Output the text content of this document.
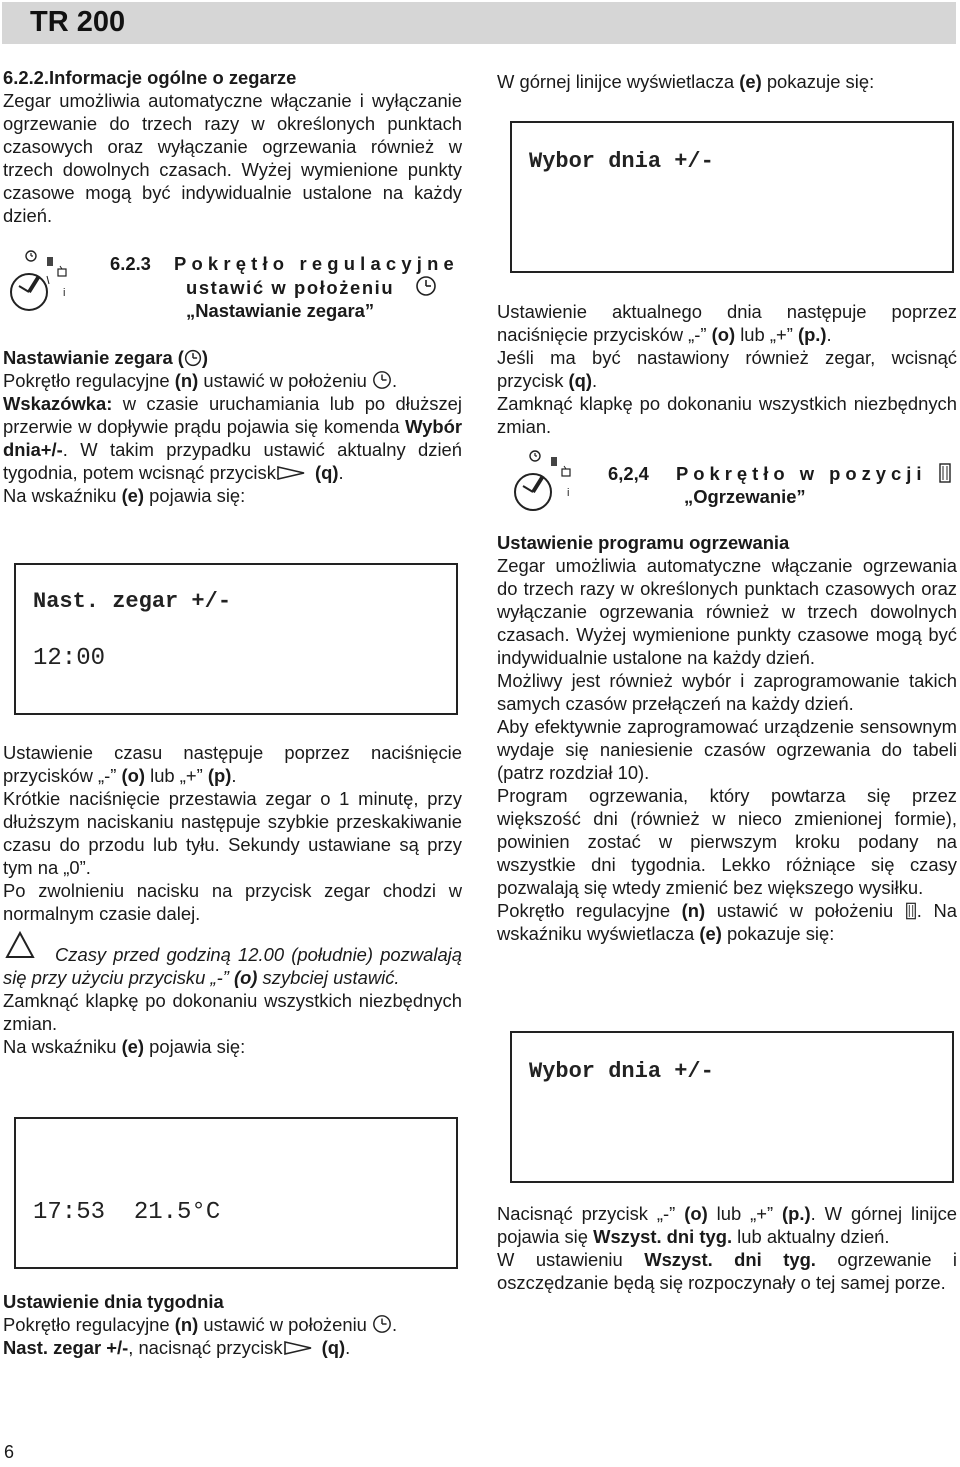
TR 200

6.2.2.Informacje ogólne o zegarze

Zegar umożliwia automatyczne włączanie i wyłączanie ogrzewanie do trzech razy w określonych punktach czasowych oraz wyłączanie ogrzewania również w trzech dowolnych czasach. Wyżej wymienione punkty czasowe mogą być indywidualnie ustalone na każdy dzień.

i
6.2.3 Pokrętło regulacyjne
ustawić w położeniu
„Nastawianie zegara”

Nastawianie zegara ( )

Pokrętło regulacyjne (n) ustawić w położeniu .

Wskazówka: w czasie uruchamiania lub po dłuższej przerwie w dopływie prądu pojawia się komenda Wybór dnia+/-. W takim przypadku ustawić aktualny dzień tygodnia, potem wcisnąć przycisk (q).

Na wskaźniku (e) pojawia się:

Nast. zegar +/-
12:00

Ustawienie czasu następuje poprzez naciśnięcie przycisków „-” (o) lub „+” (p).

Krótkie naciśnięcie przestawia zegar o 1 minutę, przy dłuższym naciskaniu następuje szybkie przeskakiwanie czasu do przodu lub tyłu. Sekundy ustawiane są przy tym na „0”.

Po zwolnieniu nacisku na przycisk zegar chodzi w normalnym czasie dalej.

Czasy przed godziną 12.00 (południe) pozwalają się przy użyciu przycisku „-” (o) szybciej ustawić.

Zamknąć klapkę po dokonaniu wszystkich niezbędnych zmian.

Na wskaźniku (e) pojawia się:

17:53  21.5°C

Ustawienie dnia tygodnia

Pokrętło regulacyjne (n) ustawić w położeniu .

Nast. zegar +/-, nacisnąć przycisk (q).

W górnej linijce wyświetlacza (e) pokazuje się:

Wybor dnia +/-

Ustawienie aktualnego dnia następuje poprzez naciśnięcie przycisków „-” (o) lub „+” (p.).

Jeśli ma być nastawiony również zegar, wcisnąć przycisk (q).

Zamknąć klapkę po dokonaniu wszystkich niezbędnych zmian.

i
6,2,4 Pokrętło w pozycji
„Ogrzewanie”

Ustawienie programu ogrzewania

Zegar umożliwia automatyczne włączanie ogrzewania do trzech razy w określonych punktach czasowych oraz wyłączanie ogrzewania również w trzech dowolnych czasach. Wyżej wymienione punkty czasowe mogą być indywidualnie ustalone na każdy dzień.

Możliwy jest również wybór i zaprogramowanie takich samych czasów przełączeń na każdy dzień.

Aby efektywnie zaprogramować urządzenie sensownym wydaje się naniesienie czasów ogrzewania do tabeli (patrz rozdział 10).

Program ogrzewania, który powtarza się przez większość dni (również w nieco zmienionej formie), powinien zostać w pierwszym kroku podany na wszystkie dni tygodnia. Lekko różniące się czasy pozwalają się wtedy zmienić bez większego wysiłku.

Pokrętło regulacyjne (n) ustawić w położeniu . Na wskaźniku wyświetlacza (e) pokazuje się:

Wybor dnia +/-

Nacisnąć przycisk „-” (o) lub „+” (p.). W górnej linijce pojawia się Wszyst. dni tyg. lub aktualny dzień.

W ustawieniu Wszyst. dni tyg. ogrzewanie i oszczędzanie będą się rozpoczynały o tej samej porze.

6
